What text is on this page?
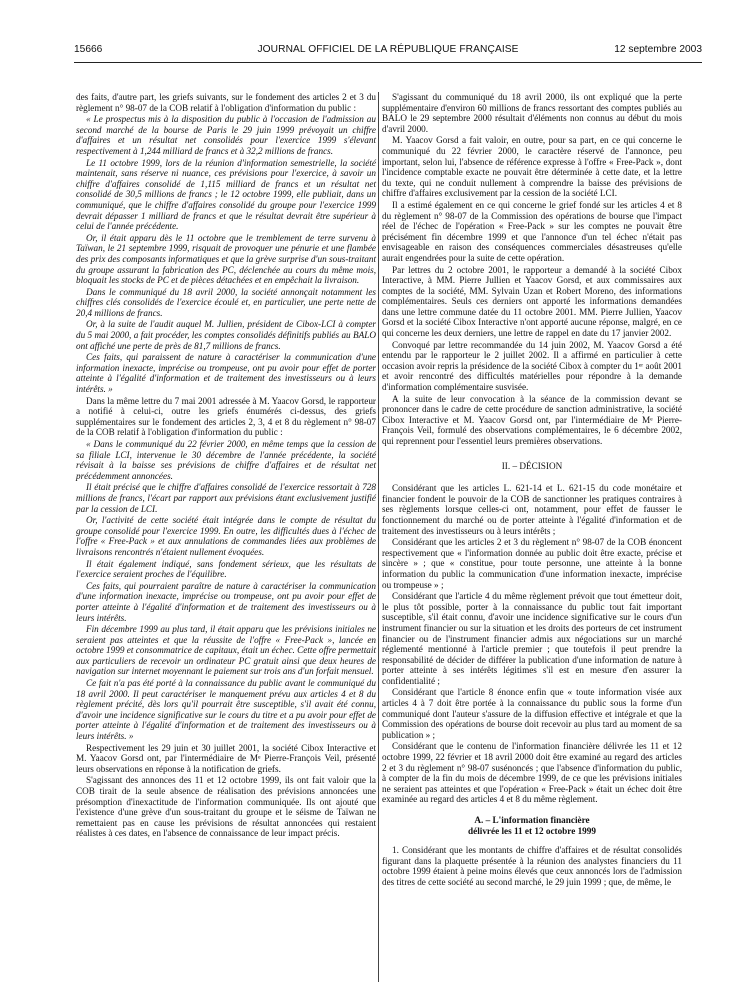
15666	JOURNAL OFFICIEL DE LA RÉPUBLIQUE FRANÇAISE	12 septembre 2003

des faits, d'autre part, les griefs suivants, sur le fondement des articles 2 et 3 du règlement n° 98-07 de la COB relatif à l'obligation d'information du public :

« Le prospectus mis à la disposition du public à l'occasion de l'admission au second marché de la bourse de Paris le 29 juin 1999 prévoyait un chiffre d'affaires et un résultat net consolidés pour l'exercice 1999 s'élevant respectivement à 1,244 milliard de francs et à 32,2 millions de francs.

Le 11 octobre 1999, lors de la réunion d'information semestrielle, la société maintenait, sans réserve ni nuance, ces prévisions pour l'exercice, à savoir un chiffre d'affaires consolidé de 1,115 milliard de francs et un résultat net consolidé de 30,5 millions de francs ; le 12 octobre 1999, elle publiait, dans un communiqué, que le chiffre d'affaires consolidé du groupe pour l'exercice 1999 devrait dépasser 1 milliard de francs et que le résultat devrait être supérieur à celui de l'année précédente.

Or, il était apparu dès le 11 octobre que le tremblement de terre survenu à Taïwan, le 21 septembre 1999, risquait de provoquer une pénurie et une flambée des prix des composants informatiques et que la grève surprise d'un sous-traitant du groupe assurant la fabrication des PC, déclenchée au cours du même mois, bloquait les stocks de PC et de pièces détachées et en empêchait la livraison.

Dans le communiqué du 18 avril 2000, la société annonçait notamment les chiffres clés consolidés de l'exercice écoulé et, en particulier, une perte nette de 20,4 millions de francs.

Or, à la suite de l'audit auquel M. Jullien, président de Cibox-LCI à compter du 5 mai 2000, a fait procéder, les comptes consolidés définitifs publiés au BALO ont affiché une perte de près de 81,7 millions de francs.

Ces faits, qui paraissent de nature à caractériser la communication d'une information inexacte, imprécise ou trompeuse, ont pu avoir pour effet de porter atteinte à l'égalité d'information et de traitement des investisseurs ou à leurs intérêts. »

Dans la même lettre du 7 mai 2001 adressée à M. Yaacov Gorsd, le rapporteur a notifié à celui-ci, outre les griefs énumérés ci-dessus, des griefs supplémentaires sur le fondement des articles 2, 3, 4 et 8 du règlement n° 98-07 de la COB relatif à l'obligation d'information du public :

« Dans le communiqué du 22 février 2000, en même temps que la cession de sa filiale LCI, intervenue le 30 décembre de l'année précédente, la société révisait à la baisse ses prévisions de chiffre d'affaires et de résultat net précédemment annoncées.

Il était précisé que le chiffre d'affaires consolidé de l'exercice ressortait à 728 millions de francs, l'écart par rapport aux prévisions étant exclusivement justifié par la cession de LCI.

Or, l'activité de cette société était intégrée dans le compte de résultat du groupe consolidé pour l'exercice 1999. En outre, les difficultés dues à l'échec de l'offre « Free-Pack » et aux annulations de commandes liées aux problèmes de livraisons rencontrés n'étaient nullement évoquées.

Il était également indiqué, sans fondement sérieux, que les résultats de l'exercice seraient proches de l'équilibre.

Ces faits, qui pourraient paraître de nature à caractériser la communication d'une information inexacte, imprécise ou trompeuse, ont pu avoir pour effet de porter atteinte à l'égalité d'information et de traitement des investisseurs ou à leurs intérêts.

Fin décembre 1999 au plus tard, il était apparu que les prévisions initiales ne seraient pas atteintes et que la réussite de l'offre « Free-Pack », lancée en octobre 1999 et consommatrice de capitaux, était un échec. Cette offre permettait aux particuliers de recevoir un ordinateur PC gratuit ainsi que deux heures de navigation sur internet moyennant le paiement sur trois ans d'un forfait mensuel.

Ce fait n'a pas été porté à la connaissance du public avant le communiqué du 18 avril 2000. Il peut caractériser le manquement prévu aux articles 4 et 8 du règlement précité, dès lors qu'il pourrait être susceptible, s'il avait été connu, d'avoir une incidence significative sur le cours du titre et a pu avoir pour effet de porter atteinte à l'égalité d'information et de traitement des investisseurs ou à leurs intérêts. »

Respectivement les 29 juin et 30 juillet 2001, la société Cibox Interactive et M. Yaacov Gorsd ont, par l'intermédiaire de Mᵉ Pierre-François Veil, présenté leurs observations en réponse à la notification de griefs.

S'agissant des annonces des 11 et 12 octobre 1999, ils ont fait valoir que la COB tirait de la seule absence de réalisation des prévisions annoncées une présomption d'inexactitude de l'information communiquée. Ils ont ajouté que l'existence d'une grève d'un sous-traitant du groupe et le séisme de Taïwan ne remettaient pas en cause les prévisions de résultat annoncées qui restaient réalistes à ces dates, en l'absence de connaissance de leur impact précis.

S'agissant du communiqué du 18 avril 2000, ils ont expliqué que la perte supplémentaire d'environ 60 millions de francs ressortant des comptes publiés au BALO le 29 septembre 2000 résultait d'éléments non connus au début du mois d'avril 2000.

M. Yaacov Gorsd a fait valoir, en outre, pour sa part, en ce qui concerne le communiqué du 22 février 2000, le caractère réservé de l'annonce, peu important, selon lui, l'absence de référence expresse à l'offre « Free-Pack », dont l'incidence comptable exacte ne pouvait être déterminée à cette date, et la lettre du texte, qui ne conduit nullement à comprendre la baisse des prévisions de chiffre d'affaires exclusivement par la cession de la société LCI.

Il a estimé également en ce qui concerne le grief fondé sur les articles 4 et 8 du règlement n° 98-07 de la Commission des opérations de bourse que l'impact réel de l'échec de l'opération « Free-Pack » sur les comptes ne pouvait être précisément fin décembre 1999 et que l'annonce d'un tel échec n'était pas envisageable en raison des conséquences commerciales désastreuses qu'elle aurait engendrées pour la suite de cette opération.

Par lettres du 2 octobre 2001, le rapporteur a demandé à la société Cibox Interactive, à MM. Pierre Jullien et Yaacov Gorsd, et aux commissaires aux comptes de la société, MM. Sylvain Uzan et Robert Moreno, des informations complémentaires. Seuls ces derniers ont apporté les informations demandées dans une lettre commune datée du 11 octobre 2001. MM. Pierre Jullien, Yaacov Gorsd et la société Cibox Interactive n'ont apporté aucune réponse, malgré, en ce qui concerne les deux derniers, une lettre de rappel en date du 17 janvier 2002.

Convoqué par lettre recommandée du 14 juin 2002, M. Yaacov Gorsd a été entendu par le rapporteur le 2 juillet 2002. Il a affirmé en particulier à cette occasion avoir repris la présidence de la société Cibox à compter du 1ᵉʳ août 2001 et avoir rencontré des difficultés matérielles pour répondre à la demande d'information complémentaire susvisée.

A la suite de leur convocation à la séance de la commission devant se prononcer dans le cadre de cette procédure de sanction administrative, la société Cibox Interactive et M. Yaacov Gorsd ont, par l'intermédiaire de Mᵉ Pierre-François Veil, formulé des observations complémentaires, le 6 décembre 2002, qui reprennent pour l'essentiel leurs premières observations.

II. – DÉCISION

Considérant que les articles L. 621-14 et L. 621-15 du code monétaire et financier fondent le pouvoir de la COB de sanctionner les pratiques contraires à ses règlements lorsque celles-ci ont, notamment, pour effet de fausser le fonctionnement du marché ou de porter atteinte à l'égalité d'information et de traitement des investisseurs ou à leurs intérêts ;

Considérant que les articles 2 et 3 du règlement n° 98-07 de la COB énoncent respectivement que « l'information donnée au public doit être exacte, précise et sincère » ; que « constitue, pour toute personne, une atteinte à la bonne information du public la communication d'une information inexacte, imprécise ou trompeuse » ;

Considérant que l'article 4 du même règlement prévoit que tout émetteur doit, le plus tôt possible, porter à la connaissance du public tout fait important susceptible, s'il était connu, d'avoir une incidence significative sur le cours d'un instrument financier ou sur la situation et les droits des porteurs de cet instrument financier ou de l'instrument financier admis aux négociations sur un marché réglementé mentionné à l'article premier ; que toutefois il peut prendre la responsabilité de décider de différer la publication d'une information de nature à porter atteinte à ses intérêts légitimes s'il est en mesure d'en assurer la confidentialité ;

Considérant que l'article 8 énonce enfin que « toute information visée aux articles 4 à 7 doit être portée à la connaissance du public sous la forme d'un communiqué dont l'auteur s'assure de la diffusion effective et intégrale et que la Commission des opérations de bourse doit recevoir au plus tard au moment de sa publication » ;

Considérant que le contenu de l'information financière délivrée les 11 et 12 octobre 1999, 22 février et 18 avril 2000 doit être examiné au regard des articles 2 et 3 du règlement n° 98-07 susénoncés ; que l'absence d'information du public, à compter de la fin du mois de décembre 1999, de ce que les prévisions initiales ne seraient pas atteintes et que l'opération « Free-Pack » était un échec doit être examinée au regard des articles 4 et 8 du même règlement.

A. – L'information financière
délivrée les 11 et 12 octobre 1999

1. Considérant que les montants de chiffre d'affaires et de résultat consolidés figurant dans la plaquette présentée à la réunion des analystes financiers du 11 octobre 1999 étaient à peine moins élevés que ceux annoncés lors de l'admission des titres de cette société au second marché, le 29 juin 1999 ; que, de même, le
